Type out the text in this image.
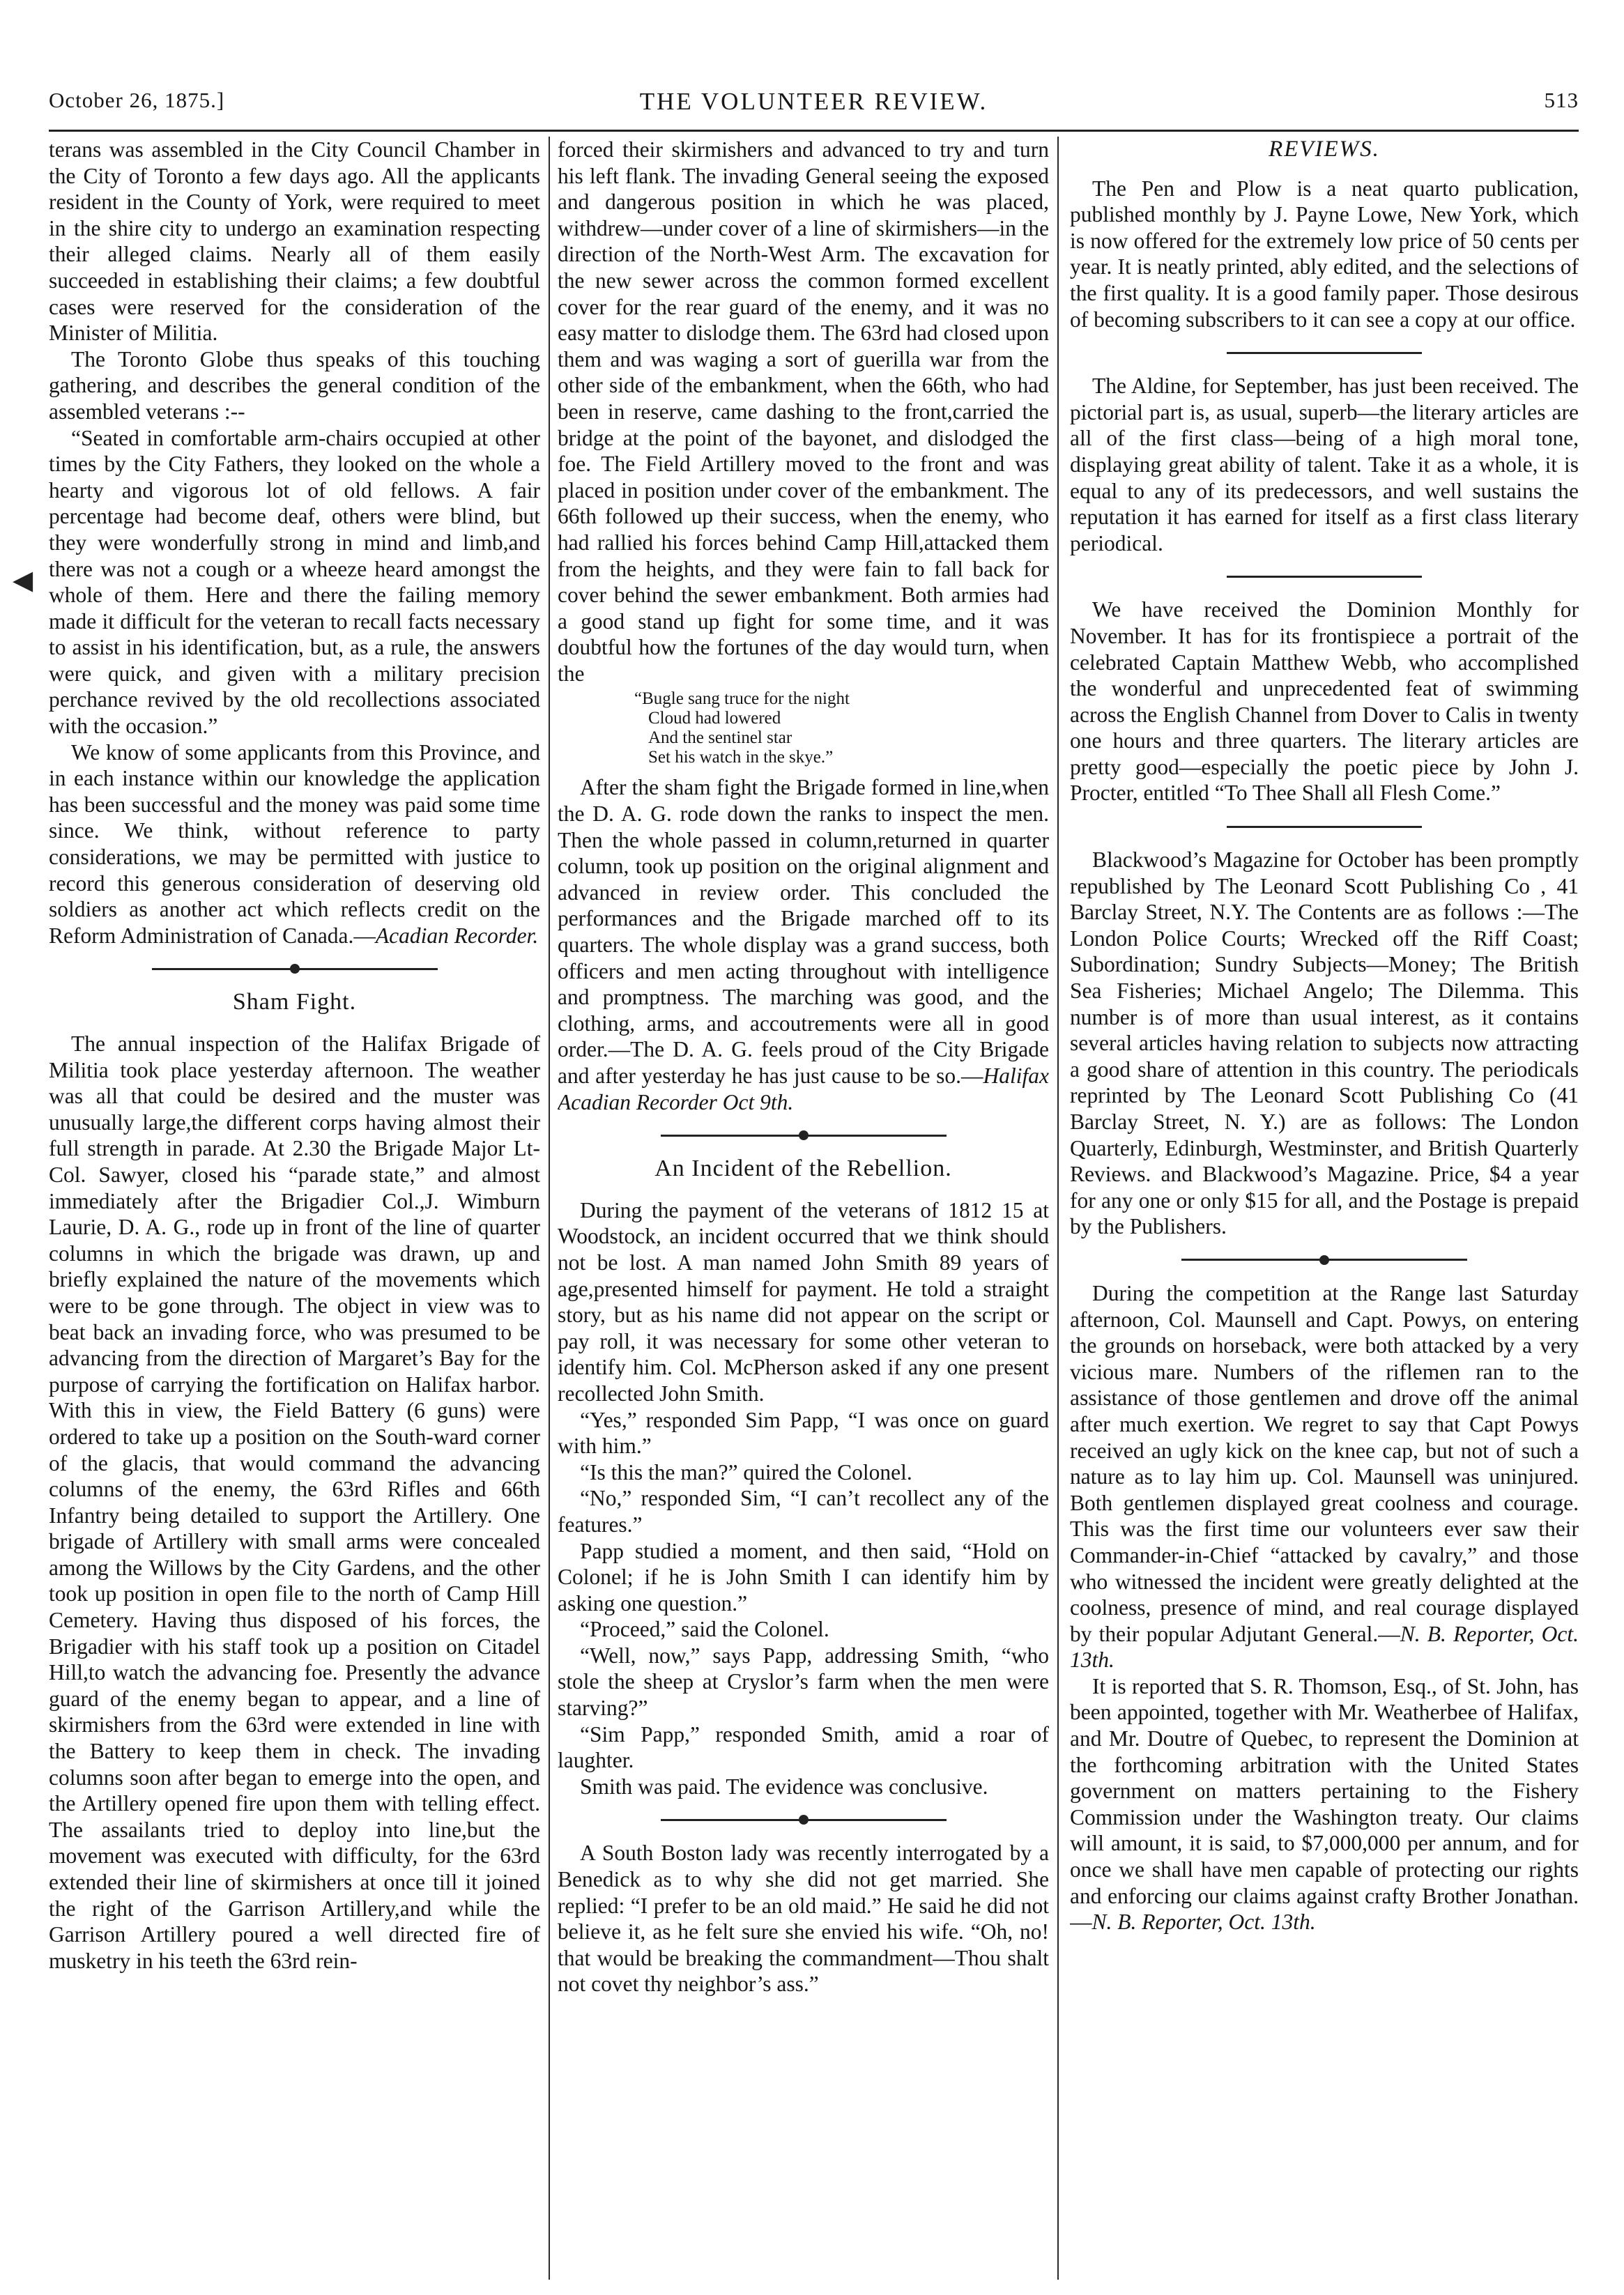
THE VOLUNTEER REVIEW.
October 26, 1875.]	513
◀

terans was assembled in the City Council Chamber in the City of Toronto a few days ago. All the applicants resident in the County of York, were required to meet in the shire city to undergo an examination respecting their alleged claims. Nearly all of them easily succeeded in establishing their claims; a few doubtful cases were reserved for the consideration of the Minister of Militia.

The Toronto Globe thus speaks of this touching gathering, and describes the general condition of the assembled veterans :--

“Seated in comfortable arm-chairs occupied at other times by the City Fathers, they looked on the whole a hearty and vigorous lot of old fellows. A fair percentage had become deaf, others were blind, but they were wonderfully strong in mind and limb,and there was not a cough or a wheeze heard amongst the whole of them. Here and there the failing memory made it difficult for the veteran to recall facts necessary to assist in his identification, but, as a rule, the answers were quick, and given with a military precision perchance revived by the old recollections associated with the occasion.”

We know of some applicants from this Province, and in each instance within our knowledge the application has been successful and the money was paid some time since. We think, without reference to party considerations, we may be permitted with justice to record this generous consideration of deserving old soldiers as another act which reflects credit on the Reform Administration of Canada.—Acadian Recorder.

Sham Fight.

The annual inspection of the Halifax Brigade of Militia took place yesterday afternoon. The weather was all that could be desired and the muster was unusually large,the different corps having almost their full strength in parade. At 2.30 the Brigade Major Lt-Col. Sawyer, closed his “parade state,” and almost immediately after the Brigadier Col.,J. Wimburn Laurie, D. A. G., rode up in front of the line of quarter columns in which the brigade was drawn, up and briefly explained the nature of the movements which were to be gone through. The object in view was to beat back an invading force, who was presumed to be advancing from the direction of Margaret’s Bay for the purpose of carrying the fortification on Halifax harbor. With this in view, the Field Battery (6 guns) were ordered to take up a position on the South-ward corner of the glacis, that would command the advancing columns of the enemy, the 63rd Rifles and 66th Infantry being detailed to support the Artillery. One brigade of Artillery with small arms were concealed among the Willows by the City Gardens, and the other took up position in open file to the north of Camp Hill Cemetery. Having thus disposed of his forces, the Brigadier with his staff took up a position on Citadel Hill,to watch the advancing foe. Presently the advance guard of the enemy began to appear, and a line of skirmishers from the 63rd were extended in line with the Battery to keep them in check. The invading columns soon after began to emerge into the open, and the Artillery opened fire upon them with telling effect. The assailants tried to deploy into line,but the movement was executed with difficulty, for the 63rd extended their line of skirmishers at once till it joined the right of the Garrison Artillery,and while the Garrison Artillery poured a well directed fire of musketry in his teeth the 63rd rein-

forced their skirmishers and advanced to try and turn his left flank. The invading General seeing the exposed and dangerous position in which he was placed, withdrew—under cover of a line of skirmishers—in the direction of the North-West Arm. The excavation for the new sewer across the common formed excellent cover for the rear guard of the enemy, and it was no easy matter to dislodge them. The 63rd had closed upon them and was waging a sort of guerilla war from the other side of the embankment, when the 66th, who had been in reserve, came dashing to the front,carried the bridge at the point of the bayonet, and dislodged the foe. The Field Artillery moved to the front and was placed in position under cover of the embankment. The 66th followed up their success, when the enemy, who had rallied his forces behind Camp Hill,attacked them from the heights, and they were fain to fall back for cover behind the sewer embankment. Both armies had a good stand up fight for some time, and it was doubtful how the fortunes of the day would turn, when the

“Bugle sang truce for the night
Cloud had lowered
And the sentinel star
Set his watch in the skye.”

After the sham fight the Brigade formed in line,when the D. A. G. rode down the ranks to inspect the men. Then the whole passed in column,returned in quarter column, took up position on the original alignment and advanced in review order. This concluded the performances and the Brigade marched off to its quarters. The whole display was a grand success, both officers and men acting throughout with intelligence and promptness. The marching was good, and the clothing, arms, and accoutrements were all in good order.—The D. A. G. feels proud of the City Brigade and after yesterday he has just cause to be so.—Halifax Acadian Recorder Oct 9th.

An Incident of the Rebellion.

During the payment of the veterans of 1812 15 at Woodstock, an incident occurred that we think should not be lost. A man named John Smith 89 years of age,presented himself for payment. He told a straight story, but as his name did not appear on the script or pay roll, it was necessary for some other veteran to identify him. Col. McPherson asked if any one present recollected John Smith.

“Yes,” responded Sim Papp, “I was once on guard with him.”

“Is this the man?” quired the Colonel.

“No,” responded Sim, “I can’t recollect any of the features.”

Papp studied a moment, and then said, “Hold on Colonel; if he is John Smith I can identify him by asking one question.”

“Proceed,” said the Colonel.

“Well, now,” says Papp, addressing Smith, “who stole the sheep at Cryslor’s farm when the men were starving?”

“Sim Papp,” responded Smith, amid a roar of laughter.

Smith was paid. The evidence was conclusive.

A South Boston lady was recently interrogated by a Benedick as to why she did not get married. She replied: “I prefer to be an old maid.” He said he did not believe it, as he felt sure she envied his wife. “Oh, no! that would be breaking the commandment—Thou shalt not covet thy neighbor’s ass.”

REVIEWS.

The Pen and Plow is a neat quarto publication, published monthly by J. Payne Lowe, New York, which is now offered for the extremely low price of 50 cents per year. It is neatly printed, ably edited, and the selections of the first quality. It is a good family paper. Those desirous of becoming subscribers to it can see a copy at our office.

The Aldine, for September, has just been received. The pictorial part is, as usual, superb—the literary articles are all of the first class—being of a high moral tone, displaying great ability of talent. Take it as a whole, it is equal to any of its predecessors, and well sustains the reputation it has earned for itself as a first class literary periodical.

We have received the Dominion Monthly for November. It has for its frontispiece a portrait of the celebrated Captain Matthew Webb, who accomplished the wonderful and unprecedented feat of swimming across the English Channel from Dover to Calis in twenty one hours and three quarters. The literary articles are pretty good—especially the poetic piece by John J. Procter, entitled “To Thee Shall all Flesh Come.”

Blackwood’s Magazine for October has been promptly republished by The Leonard Scott Publishing Co , 41 Barclay Street, N.Y. The Contents are as follows :—The London Police Courts; Wrecked off the Riff Coast; Subordination; Sundry Subjects—Money; The British Sea Fisheries; Michael Angelo; The Dilemma. This number is of more than usual interest, as it contains several articles having relation to subjects now attracting a good share of attention in this country. The periodicals reprinted by The Leonard Scott Publishing Co (41 Barclay Street, N. Y.) are as follows: The London Quarterly, Edinburgh, Westminster, and British Quarterly Reviews. and Blackwood’s Magazine. Price, $4 a year for any one or only $15 for all, and the Postage is prepaid by the Publishers.

During the competition at the Range last Saturday afternoon, Col. Maunsell and Capt. Powys, on entering the grounds on horseback, were both attacked by a very vicious mare. Numbers of the riflemen ran to the assistance of those gentlemen and drove off the animal after much exertion. We regret to say that Capt Powys received an ugly kick on the knee cap, but not of such a nature as to lay him up. Col. Maunsell was uninjured. Both gentlemen displayed great coolness and courage. This was the first time our volunteers ever saw their Commander-in-Chief “attacked by cavalry,” and those who witnessed the incident were greatly delighted at the coolness, presence of mind, and real courage displayed by their popular Adjutant General.—N. B. Reporter, Oct. 13th.

It is reported that S. R. Thomson, Esq., of St. John, has been appointed, together with Mr. Weatherbee of Halifax, and Mr. Doutre of Quebec, to represent the Dominion at the forthcoming arbitration with the United States government on matters pertaining to the Fishery Commission under the Washington treaty. Our claims will amount, it is said, to $7,000,000 per annum, and for once we shall have men capable of protecting our rights and enforcing our claims against crafty Brother Jonathan.—N. B. Reporter, Oct. 13th.
